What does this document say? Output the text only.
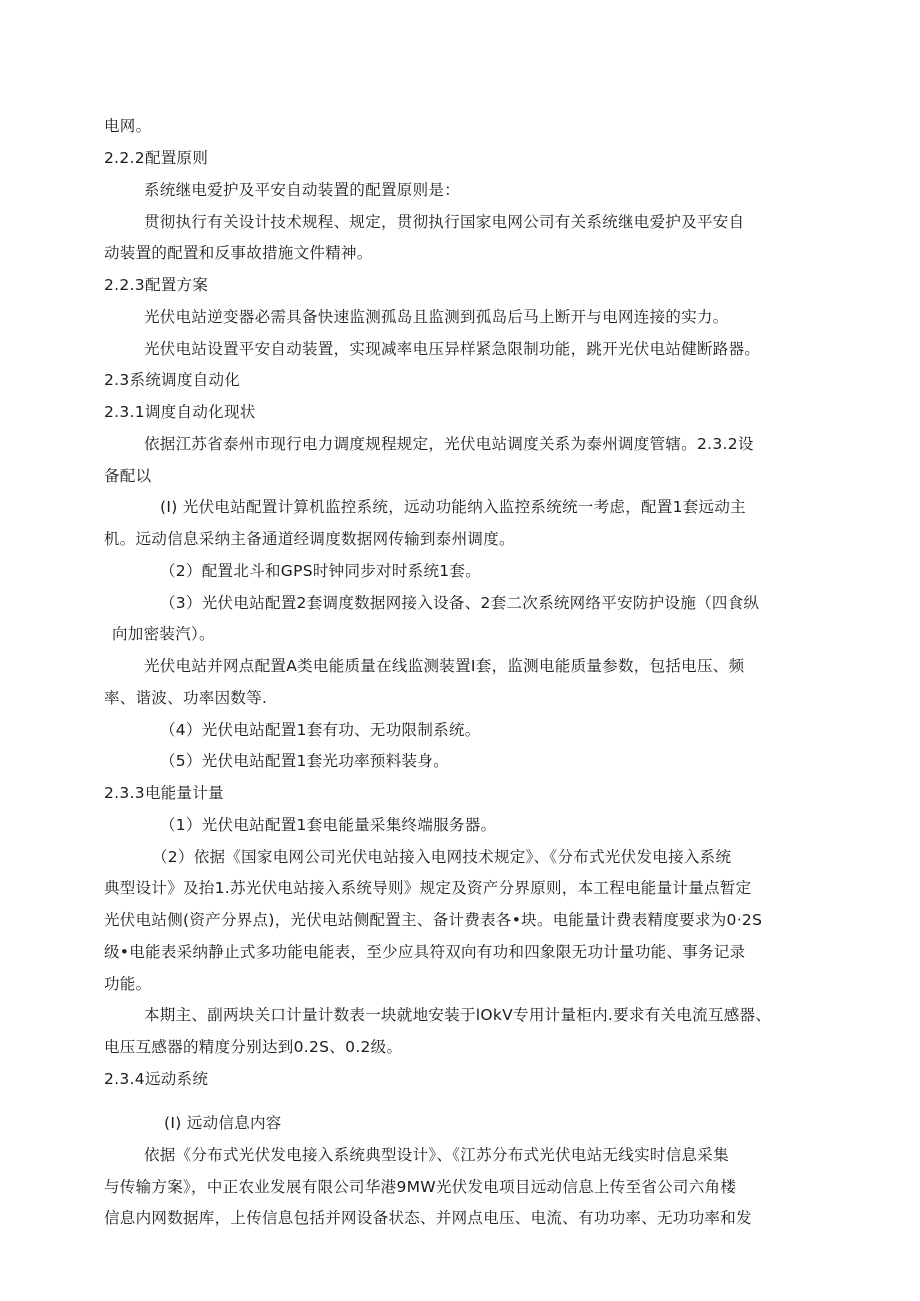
电网。
2.2.2配置原则
系统继电爱护及平安自动装置的配置原则是：
贯彻执行有关设计技术规程、规定，贯彻执行国家电网公司有关系统继电爱护及平安自
动装置的配置和反事故措施文件精神。
2.2.3配置方案
光伏电站逆变器必需具备快速监测孤岛且监测到孤岛后马上断开与电网连接的实力。
光伏电站设置平安自动装置，实现减率电压异样紧急限制功能，跳开光伏电站健断路器。
2.3系统调度自动化
2.3.1调度自动化现状
依据江苏省泰州市现行电力调度规程规定，光伏电站调度关系为泰州调度管辖。2.3.2设
备配以
(I) 光伏电站配置计算机监控系统，远动功能纳入监控系统统一考虑，配置1套远动主
机。远动信息采纳主备通道经调度数据网传输到泰州调度。
（2）配置北斗和GPS时钟同步对时系统1套。
（3）光伏电站配置2套调度数据网接入设备、2套二次系统网络平安防护设施（四食纵
向加密装汽）。
光伏电站并网点配置A类电能质量在线监测装置I套，监测电能质量参数，包括电压、频
率、谐波、功率因数等.
（4）光伏电站配置1套有功、无功限制系统。
（5）光伏电站配置1套光功率预料装身。
2.3.3电能量计量
（1）光伏电站配置1套电能量采集终端服务器。
（2）依据《国家电网公司光伏电站接入电网技术规定》、《分布式光伏发电接入系统
典型设计》及抬1.苏光伏电站接入系统导则》规定及资产分界原则，本工程电能量计量点暂定
光伏电站侧(资产分界点)，光伏电站侧配置主、备计费表各•块。电能量计费表精度要求为0·2S
级•电能表采纳静止式多功能电能表，至少应具符双向有功和四象限无功计量功能、事务记录
功能。
本期主、副两块关口计量计数表一块就地安装于lOkV专用计量柜内.要求有关电流互感器、
电压互感器的精度分别达到0.2S、0.2级。
2.3.4远动系统
(I) 远动信息内容
依据《分布式光伏发电接入系统典型设计》、《江苏分布式光伏电站无线实时信息采集
与传输方案》，中正农业发展有限公司华港9MW光伏发电项目远动信息上传至省公司六角楼
信息内网数据库，上传信息包括并网设备状态、并网点电压、电流、有功功率、无功功率和发
